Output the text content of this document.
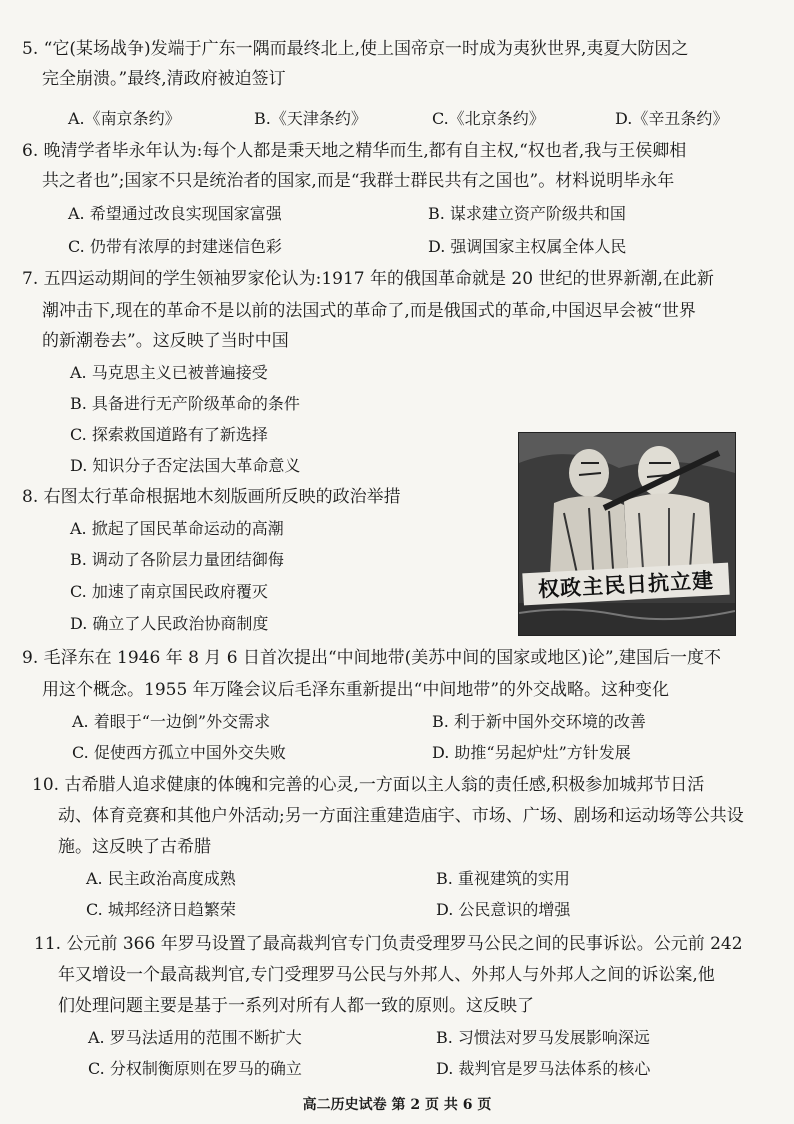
5. “它(某场战争)发端于广东一隅而最终北上,使上国帝京一时成为夷狄世界,夷夏大防因之
完全崩溃。”最终,清政府被迫签订
A.《南京条约》	B.《天津条约》	C.《北京条约》	D.《辛丑条约》
6. 晚清学者毕永年认为:每个人都是秉天地之精华而生,都有自主权,“权也者,我与王侯卿相
共之者也”;国家不只是统治者的国家,而是“我群士群民共有之国也”。材料说明毕永年
A. 希望通过改良实现国家富强	B. 谋求建立资产阶级共和国
C. 仍带有浓厚的封建迷信色彩	D. 强调国家主权属全体人民
7. 五四运动期间的学生领袖罗家伦认为:1917 年的俄国革命就是 20 世纪的世界新潮,在此新
潮冲击下,现在的革命不是以前的法国式的革命了,而是俄国式的革命,中国迟早会被“世界
的新潮卷去”。这反映了当时中国
A. 马克思主义已被普遍接受
B. 具备进行无产阶级革命的条件
C. 探索救国道路有了新选择
D. 知识分子否定法国大革命意义
8. 右图太行革命根据地木刻版画所反映的政治举措
A. 掀起了国民革命运动的高潮
B. 调动了各阶层力量团结御侮
C. 加速了南京国民政府覆灭
D. 确立了人民政治协商制度
权政主民日抗立建
9. 毛泽东在 1946 年 8 月 6 日首次提出“中间地带(美苏中间的国家或地区)论”,建国后一度不
用这个概念。1955 年万隆会议后毛泽东重新提出“中间地带”的外交战略。这种变化
A. 着眼于“一边倒”外交需求	B. 利于新中国外交环境的改善
C. 促使西方孤立中国外交失败	D. 助推“另起炉灶”方针发展
10. 古希腊人追求健康的体魄和完善的心灵,一方面以主人翁的责任感,积极参加城邦节日活
动、体育竞赛和其他户外活动;另一方面注重建造庙宇、市场、广场、剧场和运动场等公共设
施。这反映了古希腊
A. 民主政治高度成熟	B. 重视建筑的实用
C. 城邦经济日趋繁荣	D. 公民意识的增强
11. 公元前 366 年罗马设置了最高裁判官专门负责受理罗马公民之间的民事诉讼。公元前 242
年又增设一个最高裁判官,专门受理罗马公民与外邦人、外邦人与外邦人之间的诉讼案,他
们处理问题主要是基于一系列对所有人都一致的原则。这反映了
A. 罗马法适用的范围不断扩大	B. 习惯法对罗马发展影响深远
C. 分权制衡原则在罗马的确立	D. 裁判官是罗马法体系的核心
高二历史试卷 第 2 页 共 6 页
